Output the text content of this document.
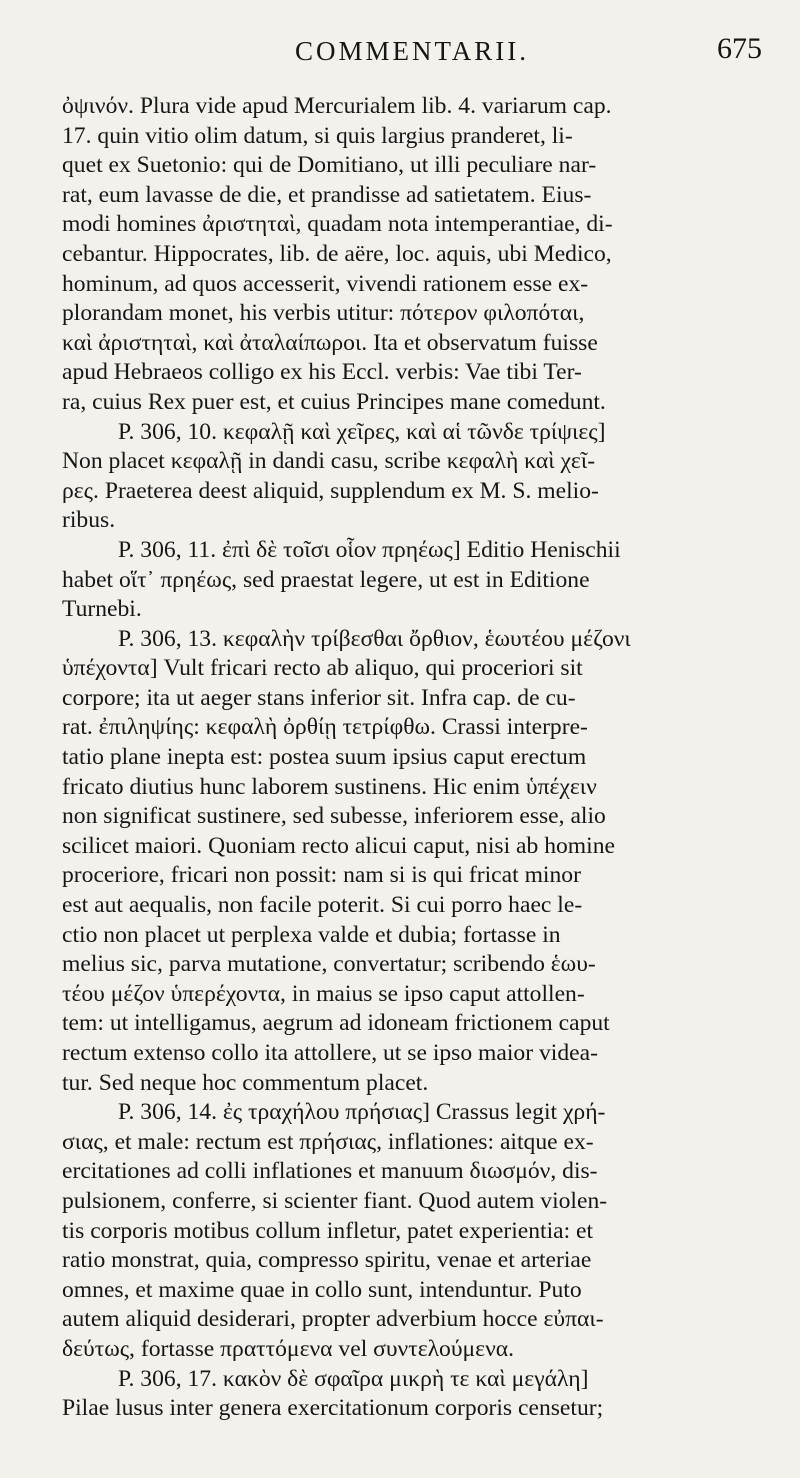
COMMENTARII.	675
ὀψινόν. Plura vide apud Mercurialem lib. 4. variarum cap.
17. quin vitio olim datum, si quis largius pranderet, li-
quet ex Suetonio: qui de Domitiano, ut illi peculiare nar-
rat, eum lavasse de die, et prandisse ad satietatem. Eius-
modi homines ἀριστηταὶ, quadam nota intemperantiae, di-
cebantur. Hippocrates, lib. de aëre, loc. aquis, ubi Medico,
hominum, ad quos accesserit, vivendi rationem esse ex-
plorandam monet, his verbis utitur: πότερον φιλοπόται,
καὶ ἀριστηταὶ, καὶ ἀταλαίπωροι. Ita et observatum fuisse
apud Hebraeos colligo ex his Eccl. verbis: Vae tibi Ter-
ra, cuius Rex puer est, et cuius Principes mane comedunt.
P. 306, 10. κεφαλῇ καὶ χεῖρες, καὶ αἱ τῶνδε τρίψιες]
Non placet κεφαλῇ in dandi casu, scribe κεφαλὴ καὶ χεῖ-
ρες. Praeterea deest aliquid, supplendum ex M. S. melio-
ribus.
P. 306, 11. ἐπὶ δὲ τοῖσι οἷον πρηέως] Editio Henischii
habet οἵτ᾽ πρηέως, sed praestat legere, ut est in Editione
Turnebi.
P. 306, 13. κεφαλὴν τρίβεσθαι ὄρθιον, ἑωυτέου μέζονι
ὑπέχοντα] Vult fricari recto ab aliquo, qui proceriori sit
corpore; ita ut aeger stans inferior sit. Infra cap. de cu-
rat. ἐπιληψίης: κεφαλὴ ὀρθίῃ τετρίφθω. Crassi interpre-
tatio plane inepta est: postea suum ipsius caput erectum
fricato diutius hunc laborem sustinens. Hic enim ὑπέχειν
non significat sustinere, sed subesse, inferiorem esse, alio
scilicet maiori. Quoniam recto alicui caput, nisi ab homine
proceriore, fricari non possit: nam si is qui fricat minor
est aut aequalis, non facile poterit. Si cui porro haec le-
ctio non placet ut perplexa valde et dubia; fortasse in
melius sic, parva mutatione, convertatur; scribendo ἑωυ-
τέου μέζον ὑπερέχοντα, in maius se ipso caput attollen-
tem: ut intelligamus, aegrum ad idoneam frictionem caput
rectum extenso collo ita attollere, ut se ipso maior videa-
tur. Sed neque hoc commentum placet.
P. 306, 14. ἐς τραχήλου πρήσιας] Crassus legit χρή-
σιας, et male: rectum est πρήσιας, inflationes: aitque ex-
ercitationes ad colli inflationes et manuum διωσμόν, dis-
pulsionem, conferre, si scienter fiant. Quod autem violen-
tis corporis motibus collum infletur, patet experientia: et
ratio monstrat, quia, compresso spiritu, venae et arteriae
omnes, et maxime quae in collo sunt, intenduntur. Puto
autem aliquid desiderari, propter adverbium hocce εὐπαι-
δεύτως, fortasse πραττόμενα vel συντελούμενα.
P. 306, 17. κακὸν δὲ σφαῖρα μικρὴ τε καὶ μεγάλη]
Pilae lusus inter genera exercitationum corporis censetur;
